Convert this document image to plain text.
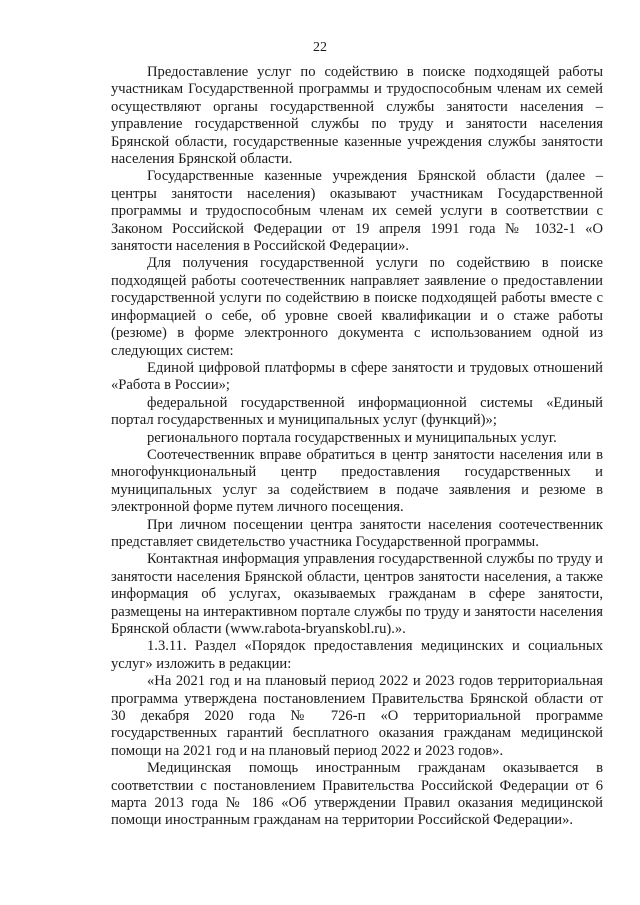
22

Предоставление услуг по содействию в поиске подходящей работы участникам Государственной программы и трудоспособным членам их семей осуществляют органы государственной службы занятости населения – управление государственной службы по труду и занятости населения Брянской области, государственные казенные учреждения службы занятости населения Брянской области.

Государственные казенные учреждения Брянской области (далее – центры занятости населения) оказывают участникам Государственной программы и трудоспособным членам их семей услуги в соответствии с Законом Российской Федерации от 19 апреля 1991 года № 1032-1 «О занятости населения в Российской Федерации».

Для получения государственной услуги по содействию в поиске подходящей работы соотечественник направляет заявление о предоставлении государственной услуги по содействию в поиске подходящей работы вместе с информацией о себе, об уровне своей квалификации и о стаже работы (резюме) в форме электронного документа с использованием одной из следующих систем:

Единой цифровой платформы в сфере занятости и трудовых отношений «Работа в России»;

федеральной государственной информационной системы «Единый портал государственных и муниципальных услуг (функций)»;

регионального портала государственных и муниципальных услуг.

Соотечественник вправе обратиться в центр занятости населения или в многофункциональный центр предоставления государственных и муниципальных услуг за содействием в подаче заявления и резюме в электронной форме путем личного посещения.

При личном посещении центра занятости населения соотечественник представляет свидетельство участника Государственной программы.

Контактная информация управления государственной службы по труду и занятости населения Брянской области, центров занятости населения, а также информация об услугах, оказываемых гражданам в сфере занятости, размещены на интерактивном портале службы по труду и занятости населения Брянской области (www.rabota-bryanskobl.ru).».

1.3.11. Раздел «Порядок предоставления медицинских и социальных услуг» изложить в редакции:

«На 2021 год и на плановый период 2022 и 2023 годов территориальная программа утверждена постановлением Правительства Брянской области от 30 декабря 2020 года № 726-п «О территориальной программе государственных гарантий бесплатного оказания гражданам медицинской помощи на 2021 год и на плановый период 2022 и 2023 годов».

Медицинская помощь иностранным гражданам оказывается в соответствии с постановлением Правительства Российской Федерации от 6 марта 2013 года № 186 «Об утверждении Правил оказания медицинской помощи иностранным гражданам на территории Российской Федерации».
